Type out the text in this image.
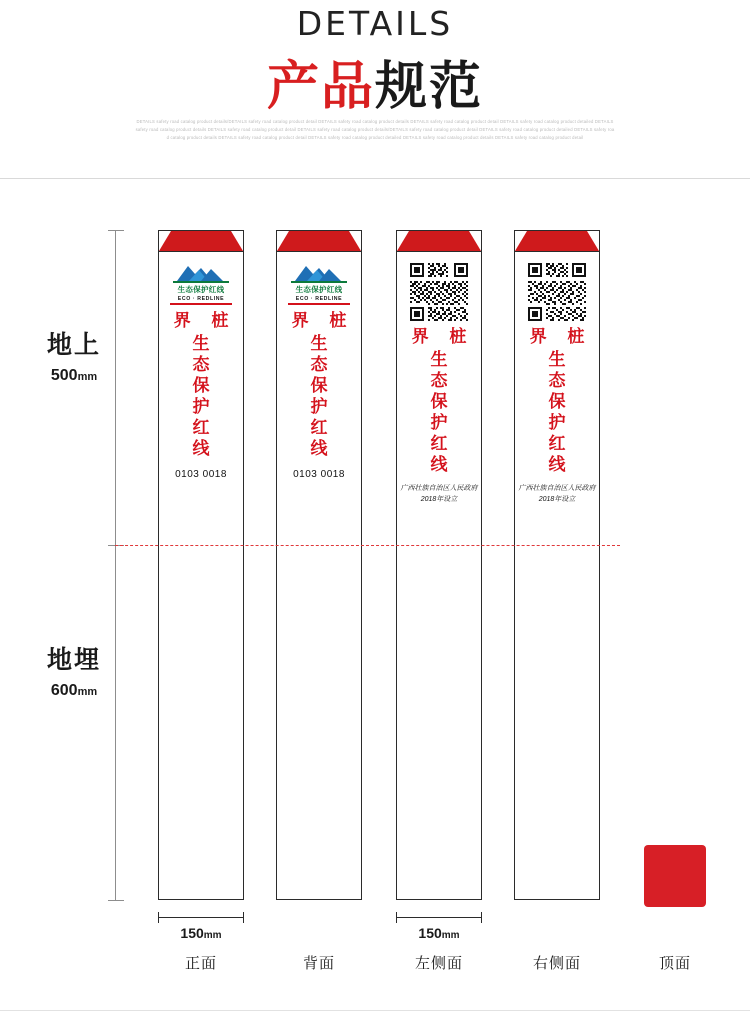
DETAILS
产品规范
DETAILS safety road catalog product details/DETAILS safety road catalog product detail DETAILS safety road catalog product details DETAILS safety road catalog product detail DETAILS safety road catalog product detailed DETAILS safety road catalog product details DETAILS safety road catalog product detail DETAILS safety road catalog product details/DETAILS safety road catalog product detail DETAILS safety road catalog product detailed DETAILS safety road catalog product details DETAILS safety road catalog product detail DETAILS safety road catalog product detailed DETAILS safety road catalog product details DETAILS safety road catalog product detail
地上
500mm
地埋
600mm
生态保护红线
ECO · REDLINE
界 桩
生
态
保
护
红
线
0103 0018
生态保护红线
ECO · REDLINE
界 桩
生
态
保
护
红
线
0103 0018
界 桩
生
态
保
护
红
线
广西壮族自治区人民政府
2018年设立
界 桩
生
态
保
护
红
线
广西壮族自治区人民政府
2018年设立
150mm	150mm
正面	背面	左侧面	右侧面	顶面
